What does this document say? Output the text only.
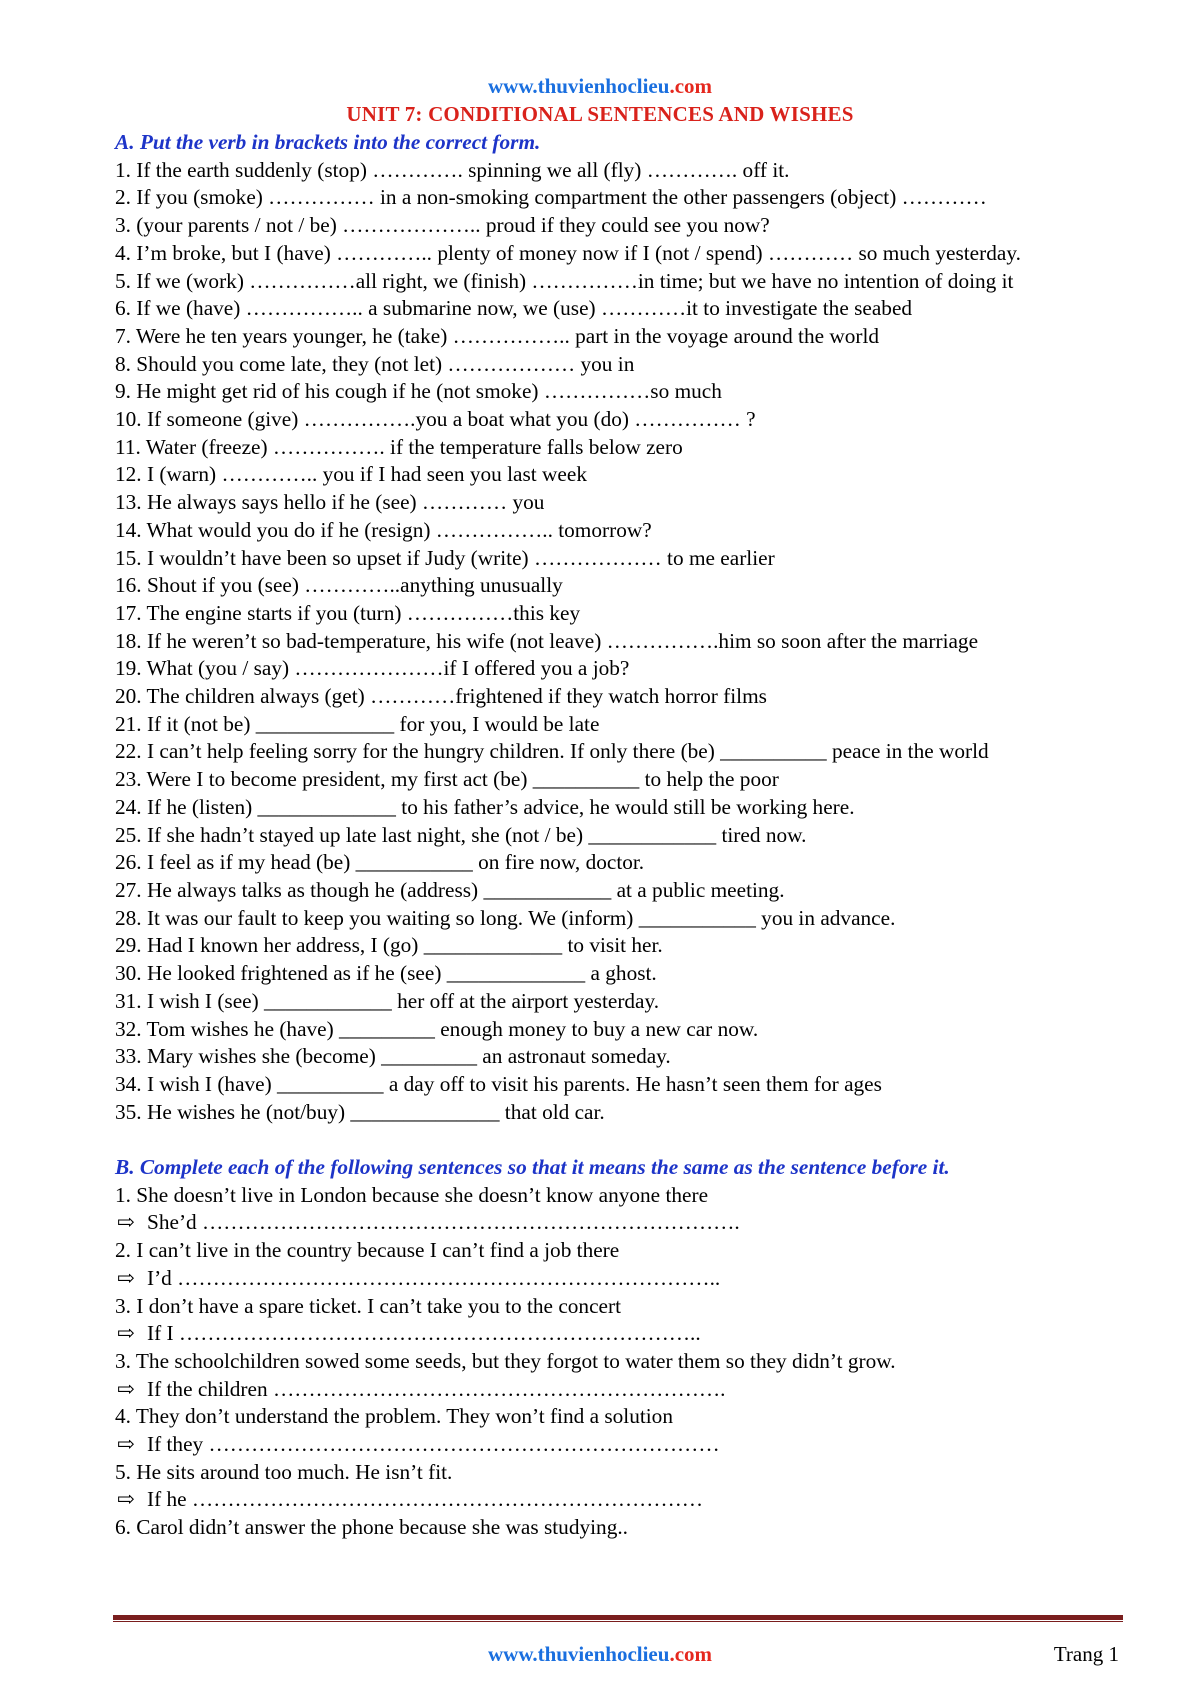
www.thuvienhoclieu.com
UNIT 7: CONDITIONAL SENTENCES AND WISHES

A. Put the verb in brackets into the correct form.

1. If the earth suddenly (stop) …………. spinning we all (fly) …………. off it.

2. If you (smoke) …………… in a non-smoking compartment the other passengers (object) …………

3. (your parents / not / be) ……………….. proud if they could see you now?

4. I’m broke, but I (have) ………….. plenty of money now if I (not / spend) ………… so much yesterday.

5. If we (work) ……………all right, we (finish) ……………in time; but we have no intention of doing it

6. If we (have) …………….. a submarine now, we (use) …………it to investigate the seabed

7. Were he ten years younger, he (take) …………….. part in the voyage around the world

8. Should you come late, they (not let) ……………… you in

9. He might get rid of his cough if he (not smoke) ……………so much

10. If someone (give) …………….you a boat what you (do) …………… ?

11. Water (freeze) ……………. if the temperature falls below zero

12. I (warn) ………….. you if I had seen you last week

13. He always says hello if he (see) ………… you

14. What would you do if he (resign) …………….. tomorrow?

15. I wouldn’t have been so upset if Judy (write) ……………… to me earlier

16. Shout if you (see) …………..anything unusually

17. The engine starts if you (turn) ……………this key

18. If he weren’t so bad-temperature, his wife (not leave) …………….him so soon after the marriage

19. What (you / say) …………………if I offered you a job?

20. The children always (get) …………frightened if they watch horror films

21. If it (not be) _____________ for you, I would be late

22. I can’t help feeling sorry for the hungry children. If only there (be) __________ peace in the world

23. Were I to become president, my first act (be) __________ to help the poor

24. If he (listen) _____________ to his father’s advice, he would still be working here.

25. If she hadn’t stayed up late last night, she (not / be) ____________ tired now.

26. I feel as if my head (be) ___________ on fire now, doctor.

27. He always talks as though he (address) ____________ at a public meeting.

28. It was our fault to keep you waiting so long. We (inform) ___________ you in advance.

29. Had I known her address, I (go) _____________ to visit her.

30. He looked frightened as if he (see) _____________ a ghost.

31. I wish I (see) ____________ her off at the airport yesterday.

32. Tom wishes he (have) _________ enough money to buy a new car now.

33. Mary wishes she (become) _________ an astronaut someday.

34. I wish I (have) __________ a day off to visit his parents. He hasn’t seen them for ages

35. He wishes he (not/buy) ______________ that old car.

B. Complete each of the following sentences so that it means the same as the sentence before it.

1. She doesn’t live in London because she doesn’t know anyone there

⇨ She’d ………………………………………………………………….

2. I can’t live in the country because I can’t find a job there

⇨ I’d …………………………………………………………………..

3. I don’t have a spare ticket. I can’t take you to the concert

⇨ If I ………………………………………………………………..

3. The schoolchildren sowed some seeds, but they forgot to water them so they didn’t grow.

⇨ If the children ……………………………………………………….

4. They don’t understand the problem. They won’t find a solution

⇨ If they ………………………………………………………………

5. He sits around too much. He isn’t fit.

⇨ If he ………………………………………………………………

6. Carol didn’t answer the phone because she was studying..

www.thuvienhoclieu.com	Trang 1
